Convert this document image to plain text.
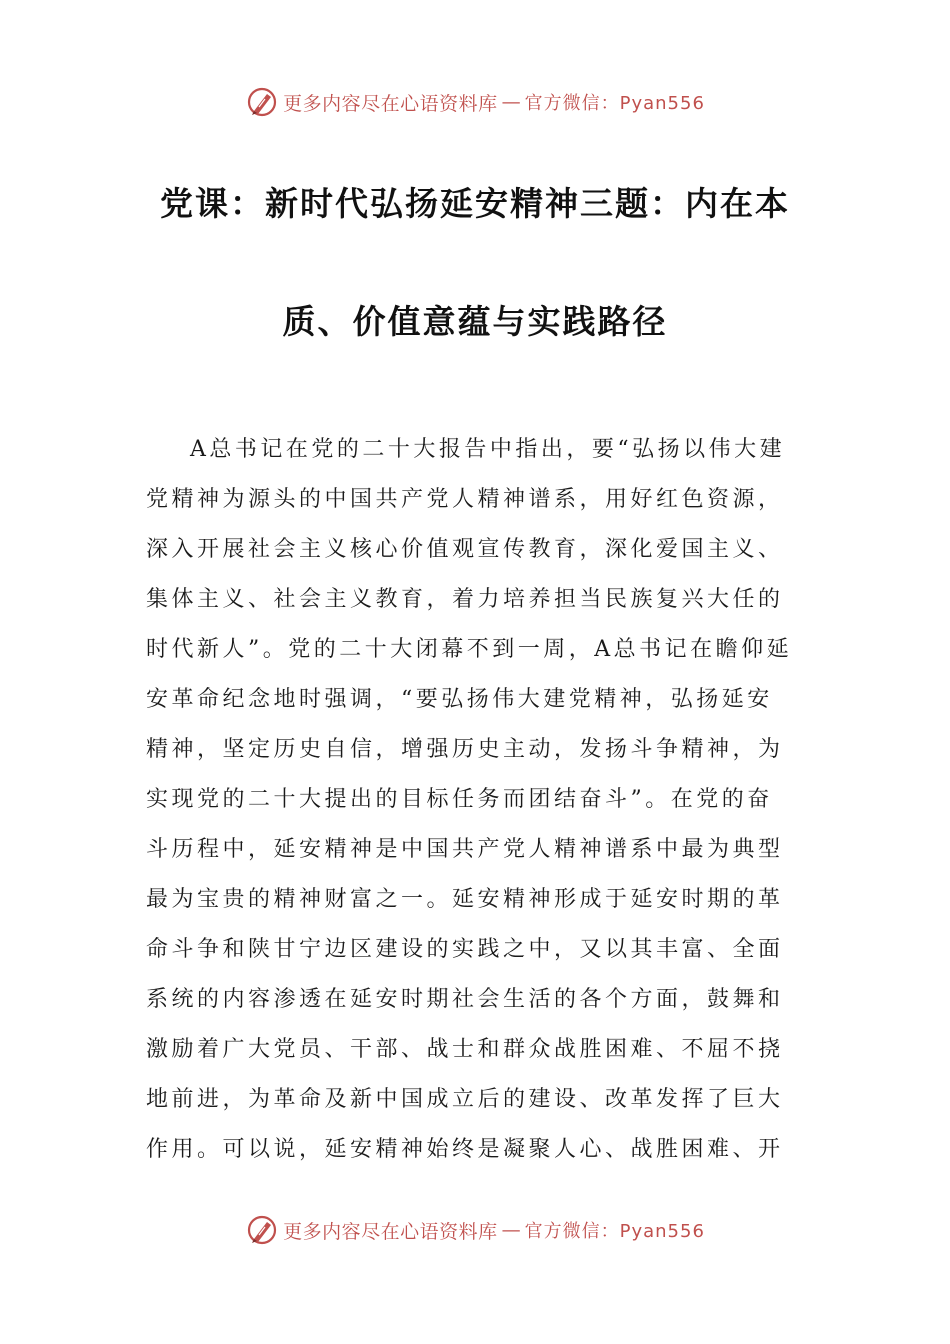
更多内容尽在心语资料库 — 官方微信：Pyan556
党课：新时代弘扬延安精神三题：内在本
质、价值意蕴与实践路径
A总书记在党的二十大报告中指出，要“弘扬以伟大建
党精神为源头的中国共产党人精神谱系，用好红色资源，
深入开展社会主义核心价值观宣传教育，深化爱国主义、
集体主义、社会主义教育，着力培养担当民族复兴大任的
时代新人”。党的二十大闭幕不到一周，A总书记在瞻仰延
安革命纪念地时强调，“要弘扬伟大建党精神，弘扬延安
精神，坚定历史自信，增强历史主动，发扬斗争精神，为
实现党的二十大提出的目标任务而团结奋斗”。在党的奋
斗历程中，延安精神是中国共产党人精神谱系中最为典型
最为宝贵的精神财富之一。延安精神形成于延安时期的革
命斗争和陕甘宁边区建设的实践之中，又以其丰富、全面
系统的内容渗透在延安时期社会生活的各个方面，鼓舞和
激励着广大党员、干部、战士和群众战胜困难、不屈不挠
地前进，为革命及新中国成立后的建设、改革发挥了巨大
作用。可以说，延安精神始终是凝聚人心、战胜困难、开
更多内容尽在心语资料库 — 官方微信：Pyan556
